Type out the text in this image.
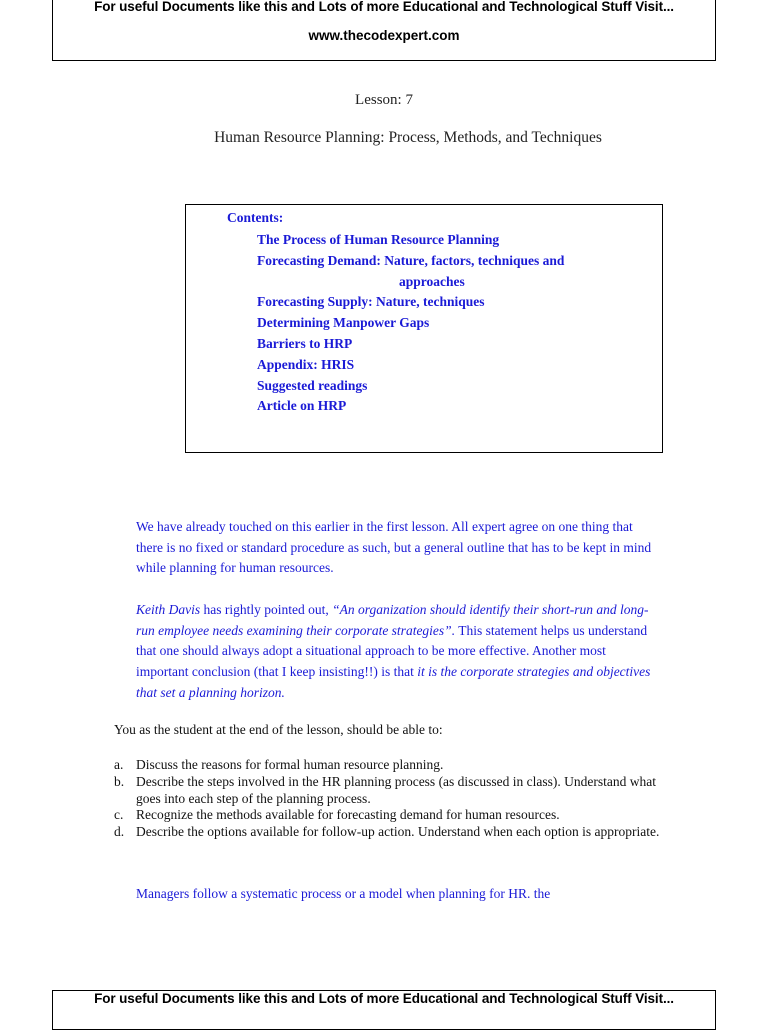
For useful Documents like this and Lots of more Educational and Technological Stuff Visit...
www.thecodexpert.com
Lesson: 7
Human Resource Planning: Process, Methods, and Techniques
Contents:
The Process of Human Resource Planning
Forecasting Demand: Nature, factors, techniques and
approaches
Forecasting Supply: Nature, techniques
Determining Manpower Gaps
Barriers to HRP
Appendix: HRIS
Suggested readings
Article on HRP
We have already touched on this earlier in the first lesson. All expert agree on one thing that there is no fixed or standard procedure as such, but a general outline that has to be kept in mind while planning for human resources.
Keith Davis has rightly pointed out, “An organization should identify their short-run and long-run employee needs examining their corporate strategies”. This statement helps us understand that one should always adopt a situational approach to be more effective. Another most important conclusion (that I keep insisting!!) is that it is the corporate strategies and objectives that set a planning horizon.
You as the student at the end of the lesson, should be able to:
a. Discuss the reasons for formal human resource planning.
b. Describe the steps involved in the HR planning process (as discussed in class). Understand what goes into each step of the planning process.
c. Recognize the methods available for forecasting demand for human resources.
d. Describe the options available for follow-up action. Understand when each option is appropriate.
Managers follow a systematic process or a model when planning for HR. the
For useful Documents like this and Lots of more Educational and Technological Stuff Visit...
